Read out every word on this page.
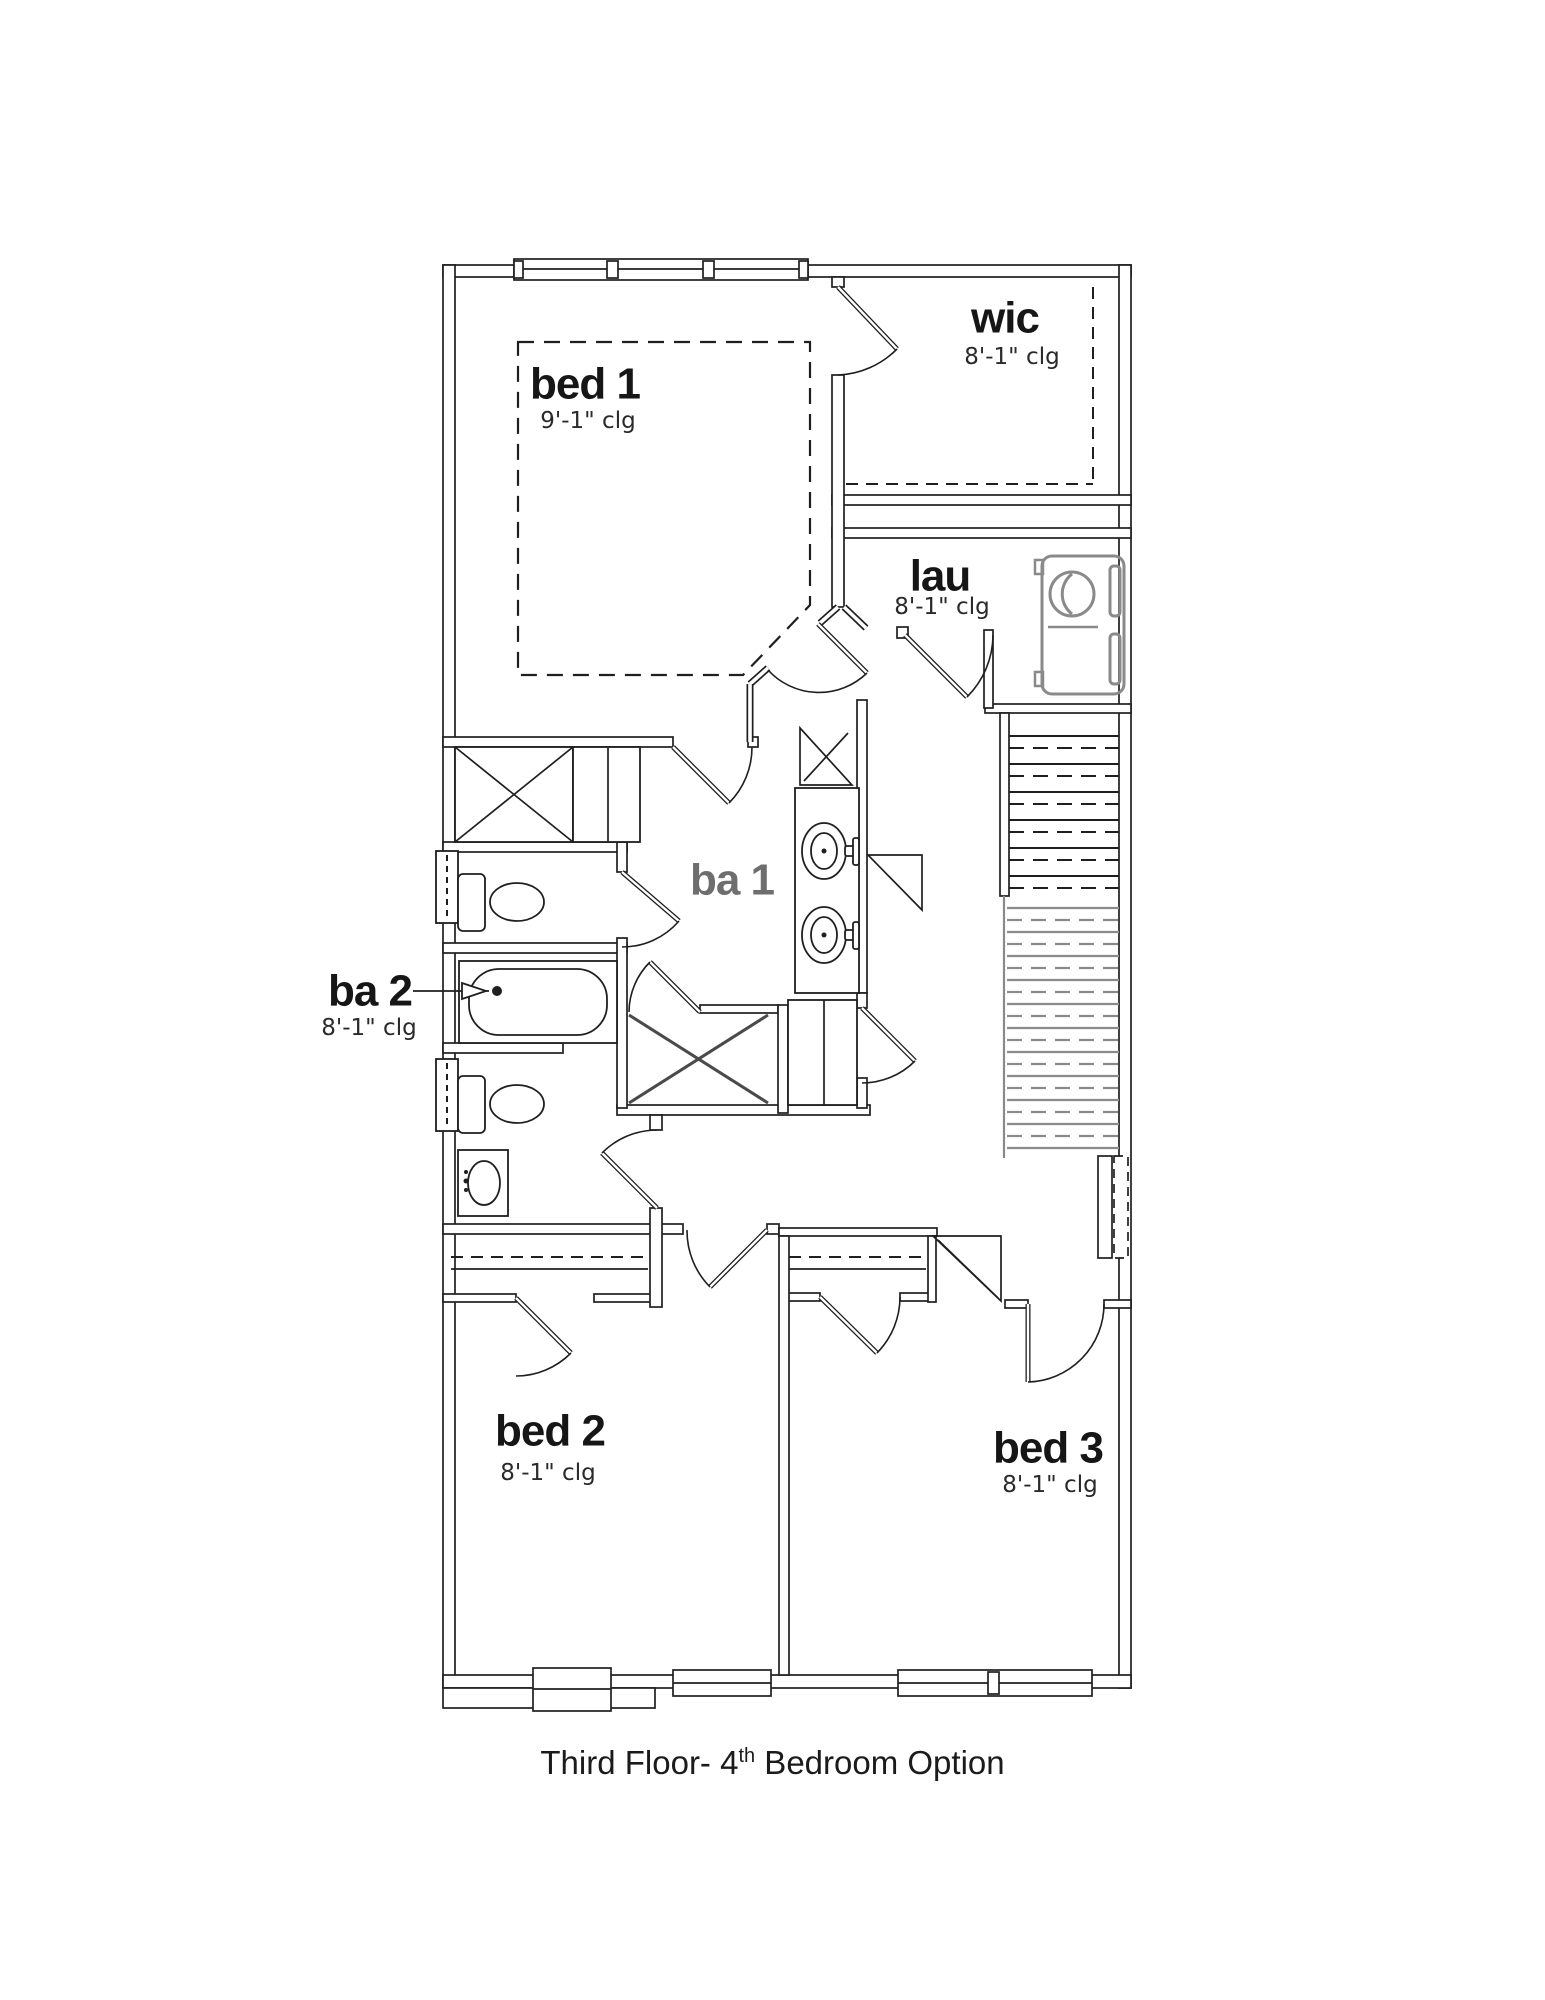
bed 1
9'-1" clg
wic
8'-1" clg
lau
8'-1" clg
ba 1
ba 2
8'-1" clg
bed 2
8'-1" clg
bed 3
8'-1" clg
Third Floor- 4th Bedroom Option
